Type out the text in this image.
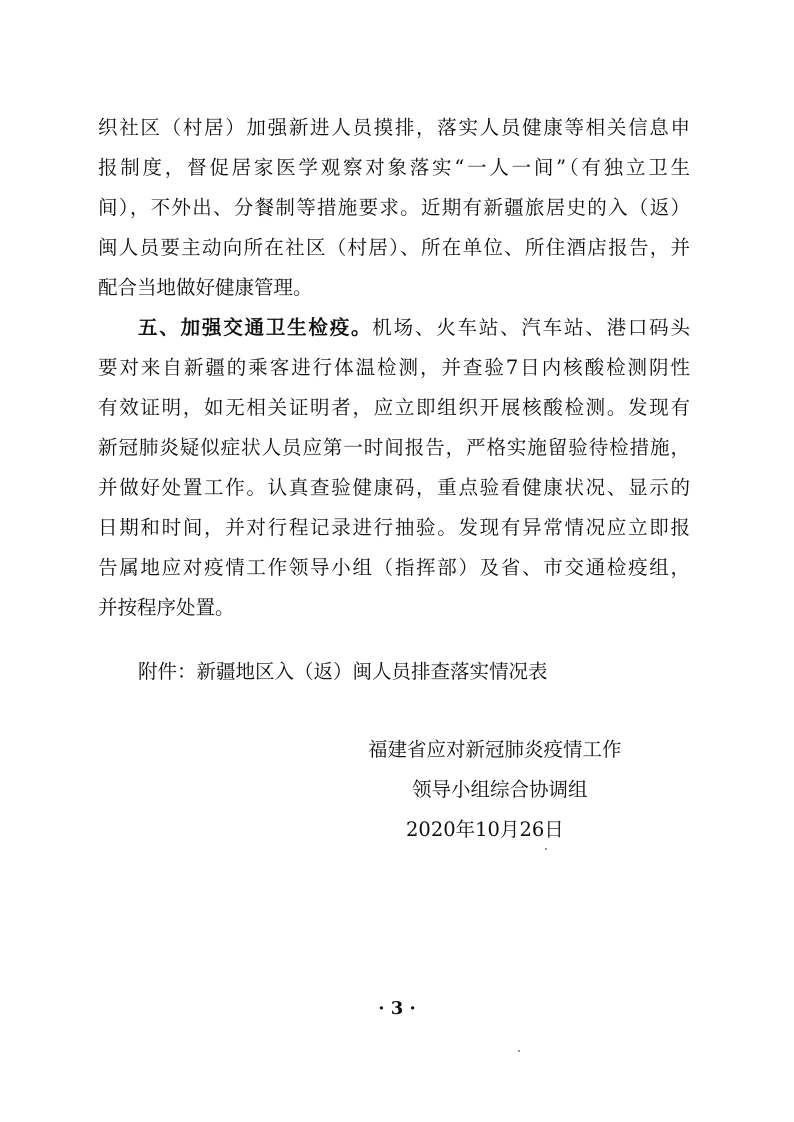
织社区（村居）加强新进人员摸排，落实人员健康等相关信息申
报制度，督促居家医学观察对象落实“一人一间”（有独立卫生
间），不外出、分餐制等措施要求。近期有新疆旅居史的入（返）
闽人员要主动向所在社区（村居）、所在单位、所住酒店报告，并
配合当地做好健康管理。
五、加强交通卫生检疫。机场、火车站、汽车站、港口码头
要对来自新疆的乘客进行体温检测，并查验7日内核酸检测阴性
有效证明，如无相关证明者，应立即组织开展核酸检测。发现有
新冠肺炎疑似症状人员应第一时间报告，严格实施留验待检措施，
并做好处置工作。认真查验健康码，重点验看健康状况、显示的
日期和时间，并对行程记录进行抽验。发现有异常情况应立即报
告属地应对疫情工作领导小组（指挥部）及省、市交通检疫组，
并按程序处置。
附件：新疆地区入（返）闽人员排查落实情况表
福建省应对新冠肺炎疫情工作
领导小组综合协调组
2020年10月26日
· 3 ·
